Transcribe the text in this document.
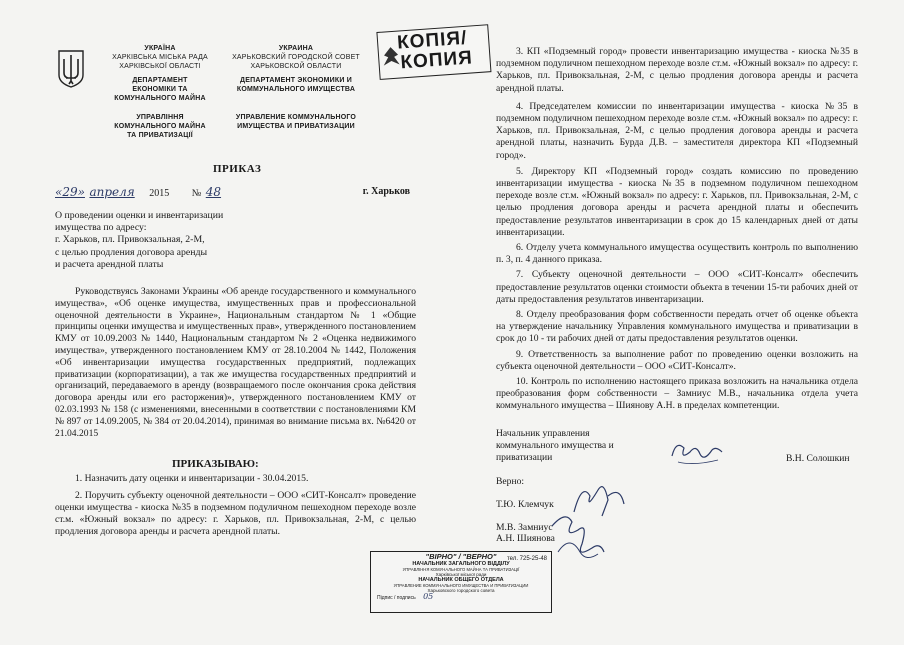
УКРАЇНА
ХАРКІВСЬКА МІСЬКА РАДА
ХАРКІВСЬКОЇ ОБЛАСТІ
ДЕПАРТАМЕНТ
ЕКОНОМІКИ ТА
КОМУНАЛЬНОГО МАЙНА
УПРАВЛІННЯ
КОМУНАЛЬНОГО МАЙНА
ТА ПРИВАТИЗАЦІЇ
УКРАИНА
ХАРЬКОВСКИЙ ГОРОДСКОЙ СОВЕТ
ХАРЬКОВСКОЙ ОБЛАСТИ
ДЕПАРТАМЕНТ ЭКОНОМИКИ И
КОММУНАЛЬНОГО ИМУЩЕСТВА
УПРАВЛЕНИЕ КОММУНАЛЬНОГО
ИМУЩЕСТВА И ПРИВАТИЗАЦИИ
КОПІЯ/
КОПИЯ
ПРИКАЗ
«29» апреля 2015 № 48	г. Харьков
О проведении оценки и инвентаризации
имущества по адресу:
г. Харьков, пл. Привокзальная, 2-М,
с целью продления договора аренды
и расчета арендной платы

Руководствуясь Законами Украины «Об аренде государственного и коммунального имущества», «Об оценке имущества, имущественных прав и профессиональной оценочной деятельности в Украине», Национальным стандартом № 1 «Общие принципы оценки имущества и имущественных прав», утвержденного постановлением КМУ от 10.09.2003 № 1440, Национальным стандартом № 2 «Оценка недвижимого имущества», утвержденного постановлением КМУ от 28.10.2004 № 1442, Положения «Об инвентаризации имущества государственных предприятий, подлежащих приватизации (корпоратизации), а так же имущества государственных предприятий и организаций, передаваемого в аренду (возвращаемого после окончания срока действия договора аренды или его расторжения)», утвержденного постановлением КМУ от 02.03.1993 № 158 (с изменениями, внесенными в соответствии с постановлениями КМ № 897 от 14.09.2005, № 384 от 20.04.2014), принимая во внимание письма вх. №6420 от 21.04.2015

ПРИКАЗЫВАЮ:

1. Назначить дату оценки и инвентаризации - 30.04.2015.

2. Поручить субъекту оценочной деятельности – ООО «СИТ-Консалт» проведение оценки имущества - киоска №35 в подземном подуличном пешеходном переходе возле ст.м. «Южный вокзал» по адресу: г. Харьков, пл. Привокзальная, 2-М, с целью продления договора аренды и расчета арендной платы.

3. КП «Подземный город» провести инвентаризацию имущества - киоска №35 в подземном подуличном пешеходном переходе возле ст.м. «Южный вокзал» по адресу: г. Харьков, пл. Привокзальная, 2-М, с целью продления договора аренды и расчета арендной платы.

4. Председателем комиссии по инвентаризации имущества - киоска №35 в подземном подуличном пешеходном переходе возле ст.м. «Южный вокзал» по адресу: г. Харьков, пл. Привокзальная, 2-М, с целью продления договора аренды и расчета арендной платы, назначить Бурда Д.В. – заместителя директора КП «Подземный город».

5. Директору КП «Подземный город» создать комиссию по проведению инвентаризации имущества - киоска №35 в подземном подуличном пешеходном переходе возле ст.м. «Южный вокзал» по адресу: г. Харьков, пл. Привокзальная, 2-М, с целью продления договора аренды и расчета арендной платы и обеспечить предоставление результатов инвентаризации в срок до 15 календарных дней от даты инвентаризации.

6. Отделу учета коммунального имущества осуществить контроль по выполнению п. 3, п. 4 данного приказа.

7. Субъекту оценочной деятельности – ООО «СИТ-Консалт» обеспечить предоставление результатов оценки стоимости объекта в течении 15-ти рабочих дней от даты предоставления результатов инвентаризации.

8. Отделу преобразования форм собственности передать отчет об оценке объекта на утверждение начальнику Управления коммунального имущества и приватизации в срок до 10 - ти рабочих дней от даты предоставления результатов оценки.

9. Ответственность за выполнение работ по проведению оценки возложить на субъекта оценочной деятельности – ООО «СИТ-Консалт».

10. Контроль по исполнению настоящего приказа возложить на начальника отдела преобразования форм собственности – Замниус М.В., начальника отдела учета коммунального имущества – Шиянову А.Н. в пределах компетенции.

Начальник управления
коммунального имущества и
приватизации	В.Н. Солошкин
Верно:
Т.Ю. Клемчук
М.В. Замниус
А.Н. Шиянова
"ВІРНО" / "ВЕРНО"
НАЧАЛЬНИК ЗАГАЛЬНОГО ВІДДІЛУ
УПРАВЛІННЯ КОМУНАЛЬНОГО МАЙНА ТА ПРИВАТИЗАЦІЇ
Харківської міської ради
НАЧАЛЬНИК ОБЩЕГО ОТДЕЛА
УПРАВЛЕНИЕ КОММУНАЛЬНОГО ИМУЩЕСТВА И ПРИВАТИЗАЦИИ
Харьковского городского совета
Підпис / подпись 05
тел. 725-25-48
